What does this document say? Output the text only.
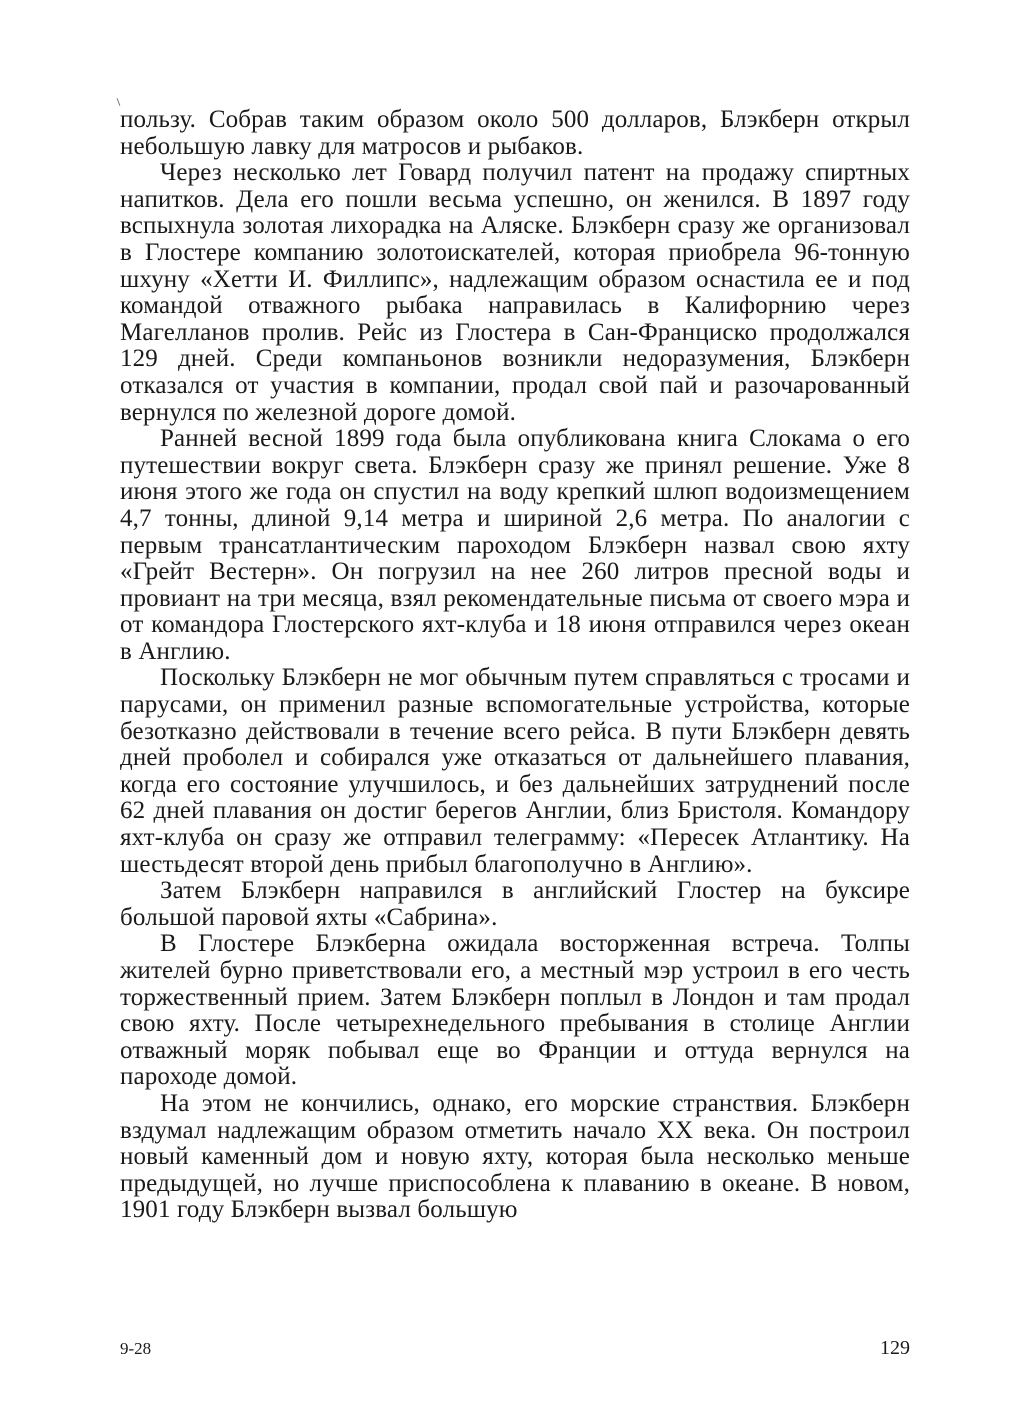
пользу. Собрав таким образом около 500 долларов, Блэкберн открыл небольшую лавку для матросов и рыбаков.

Через несколько лет Говард получил патент на продажу спиртных напитков. Дела его пошли весьма успешно, он женился. В 1897 году вспыхнула золотая лихорадка на Аляске. Блэкберн сразу же организовал в Глостере компанию золотоискателей, которая приобрела 96-тонную шхуну «Хетти И. Филлипс», надлежащим образом оснастила ее и под командой отважного рыбака направилась в Калифорнию через Магелланов пролив. Рейс из Глостера в Сан-Франциско продолжался 129 дней. Среди компаньонов возникли недоразумения, Блэкберн отказался от участия в компании, продал свой пай и разочарованный вернулся по железной дороге домой.

Ранней весной 1899 года была опубликована книга Слокама о его путешествии вокруг света. Блэкберн сразу же принял решение. Уже 8 июня этого же года он спустил на воду крепкий шлюп водоизмещением 4,7 тонны, длиной 9,14 метра и шириной 2,6 метра. По аналогии с первым трансатлантическим пароходом Блэкберн назвал свою яхту «Грейт Вестерн». Он погрузил на нее 260 литров пресной воды и провиант на три месяца, взял рекомендательные письма от своего мэра и от командора Глостерского яхт-клуба и 18 июня отправился через океан в Англию.

Поскольку Блэкберн не мог обычным путем справляться с тросами и парусами, он применил разные вспомогательные устройства, которые безотказно действовали в течение всего рейса. В пути Блэкберн девять дней проболел и собирался уже отказаться от дальнейшего плавания, когда его состояние улучшилось, и без дальнейших затруднений после 62 дней плавания он достиг берегов Англии, близ Бристоля. Командору яхт-клуба он сразу же отправил телеграмму: «Пересек Атлантику. На шестьдесят второй день прибыл благополучно в Англию».

Затем Блэкберн направился в английский Глостер на буксире большой паровой яхты «Сабрина».

В Глостере Блэкберна ожидала восторженная встреча. Толпы жителей бурно приветствовали его, а местный мэр устроил в его честь торжественный прием. Затем Блэкберн поплыл в Лондон и там продал свою яхту. После четырехнедельного пребывания в столице Англии отважный моряк побывал еще во Франции и оттуда вернулся на пароходе домой.

На этом не кончились, однако, его морские странствия. Блэкберн вздумал надлежащим образом отметить начало XX века. Он построил новый каменный дом и новую яхту, которая была несколько меньше предыдущей, но лучше приспособлена к плаванию в океане. В новом, 1901 году Блэкберн вызвал большую

9-28	129
